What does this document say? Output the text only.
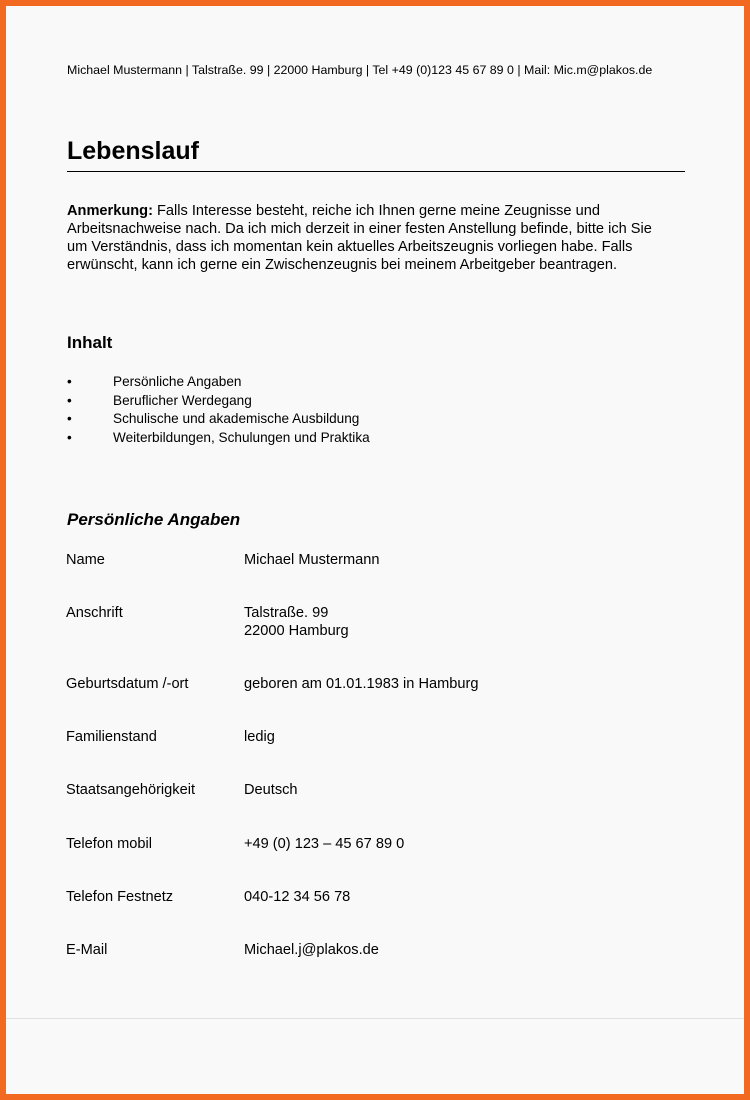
Michael Mustermann | Talstraße. 99 | 22000 Hamburg | Tel +49 (0)123 45 67 89 0 | Mail: Mic.m@plakos.de
Lebenslauf
Anmerkung: Falls Interesse besteht, reiche ich Ihnen gerne meine Zeugnisse und Arbeitsnachweise nach. Da ich mich derzeit in einer festen Anstellung befinde, bitte ich Sie um Verständnis, dass ich momentan kein aktuelles Arbeitszeugnis vorliegen habe. Falls erwünscht, kann ich gerne ein Zwischenzeugnis bei meinem Arbeitgeber beantragen.
Inhalt
•	Persönliche Angaben
•	Beruflicher Werdegang
•	Schulische und akademische Ausbildung
•	Weiterbildungen, Schulungen und Praktika
Persönliche Angaben
Name	Michael Mustermann
Anschrift	Talstraße. 99
22000 Hamburg
Geburtsdatum /-ort	geboren am 01.01.1983 in Hamburg
Familienstand	ledig
Staatsangehörigkeit	Deutsch
Telefon mobil	+49 (0) 123 – 45 67 89 0
Telefon Festnetz	040-12 34 56 78
E-Mail	Michael.j@plakos.de
